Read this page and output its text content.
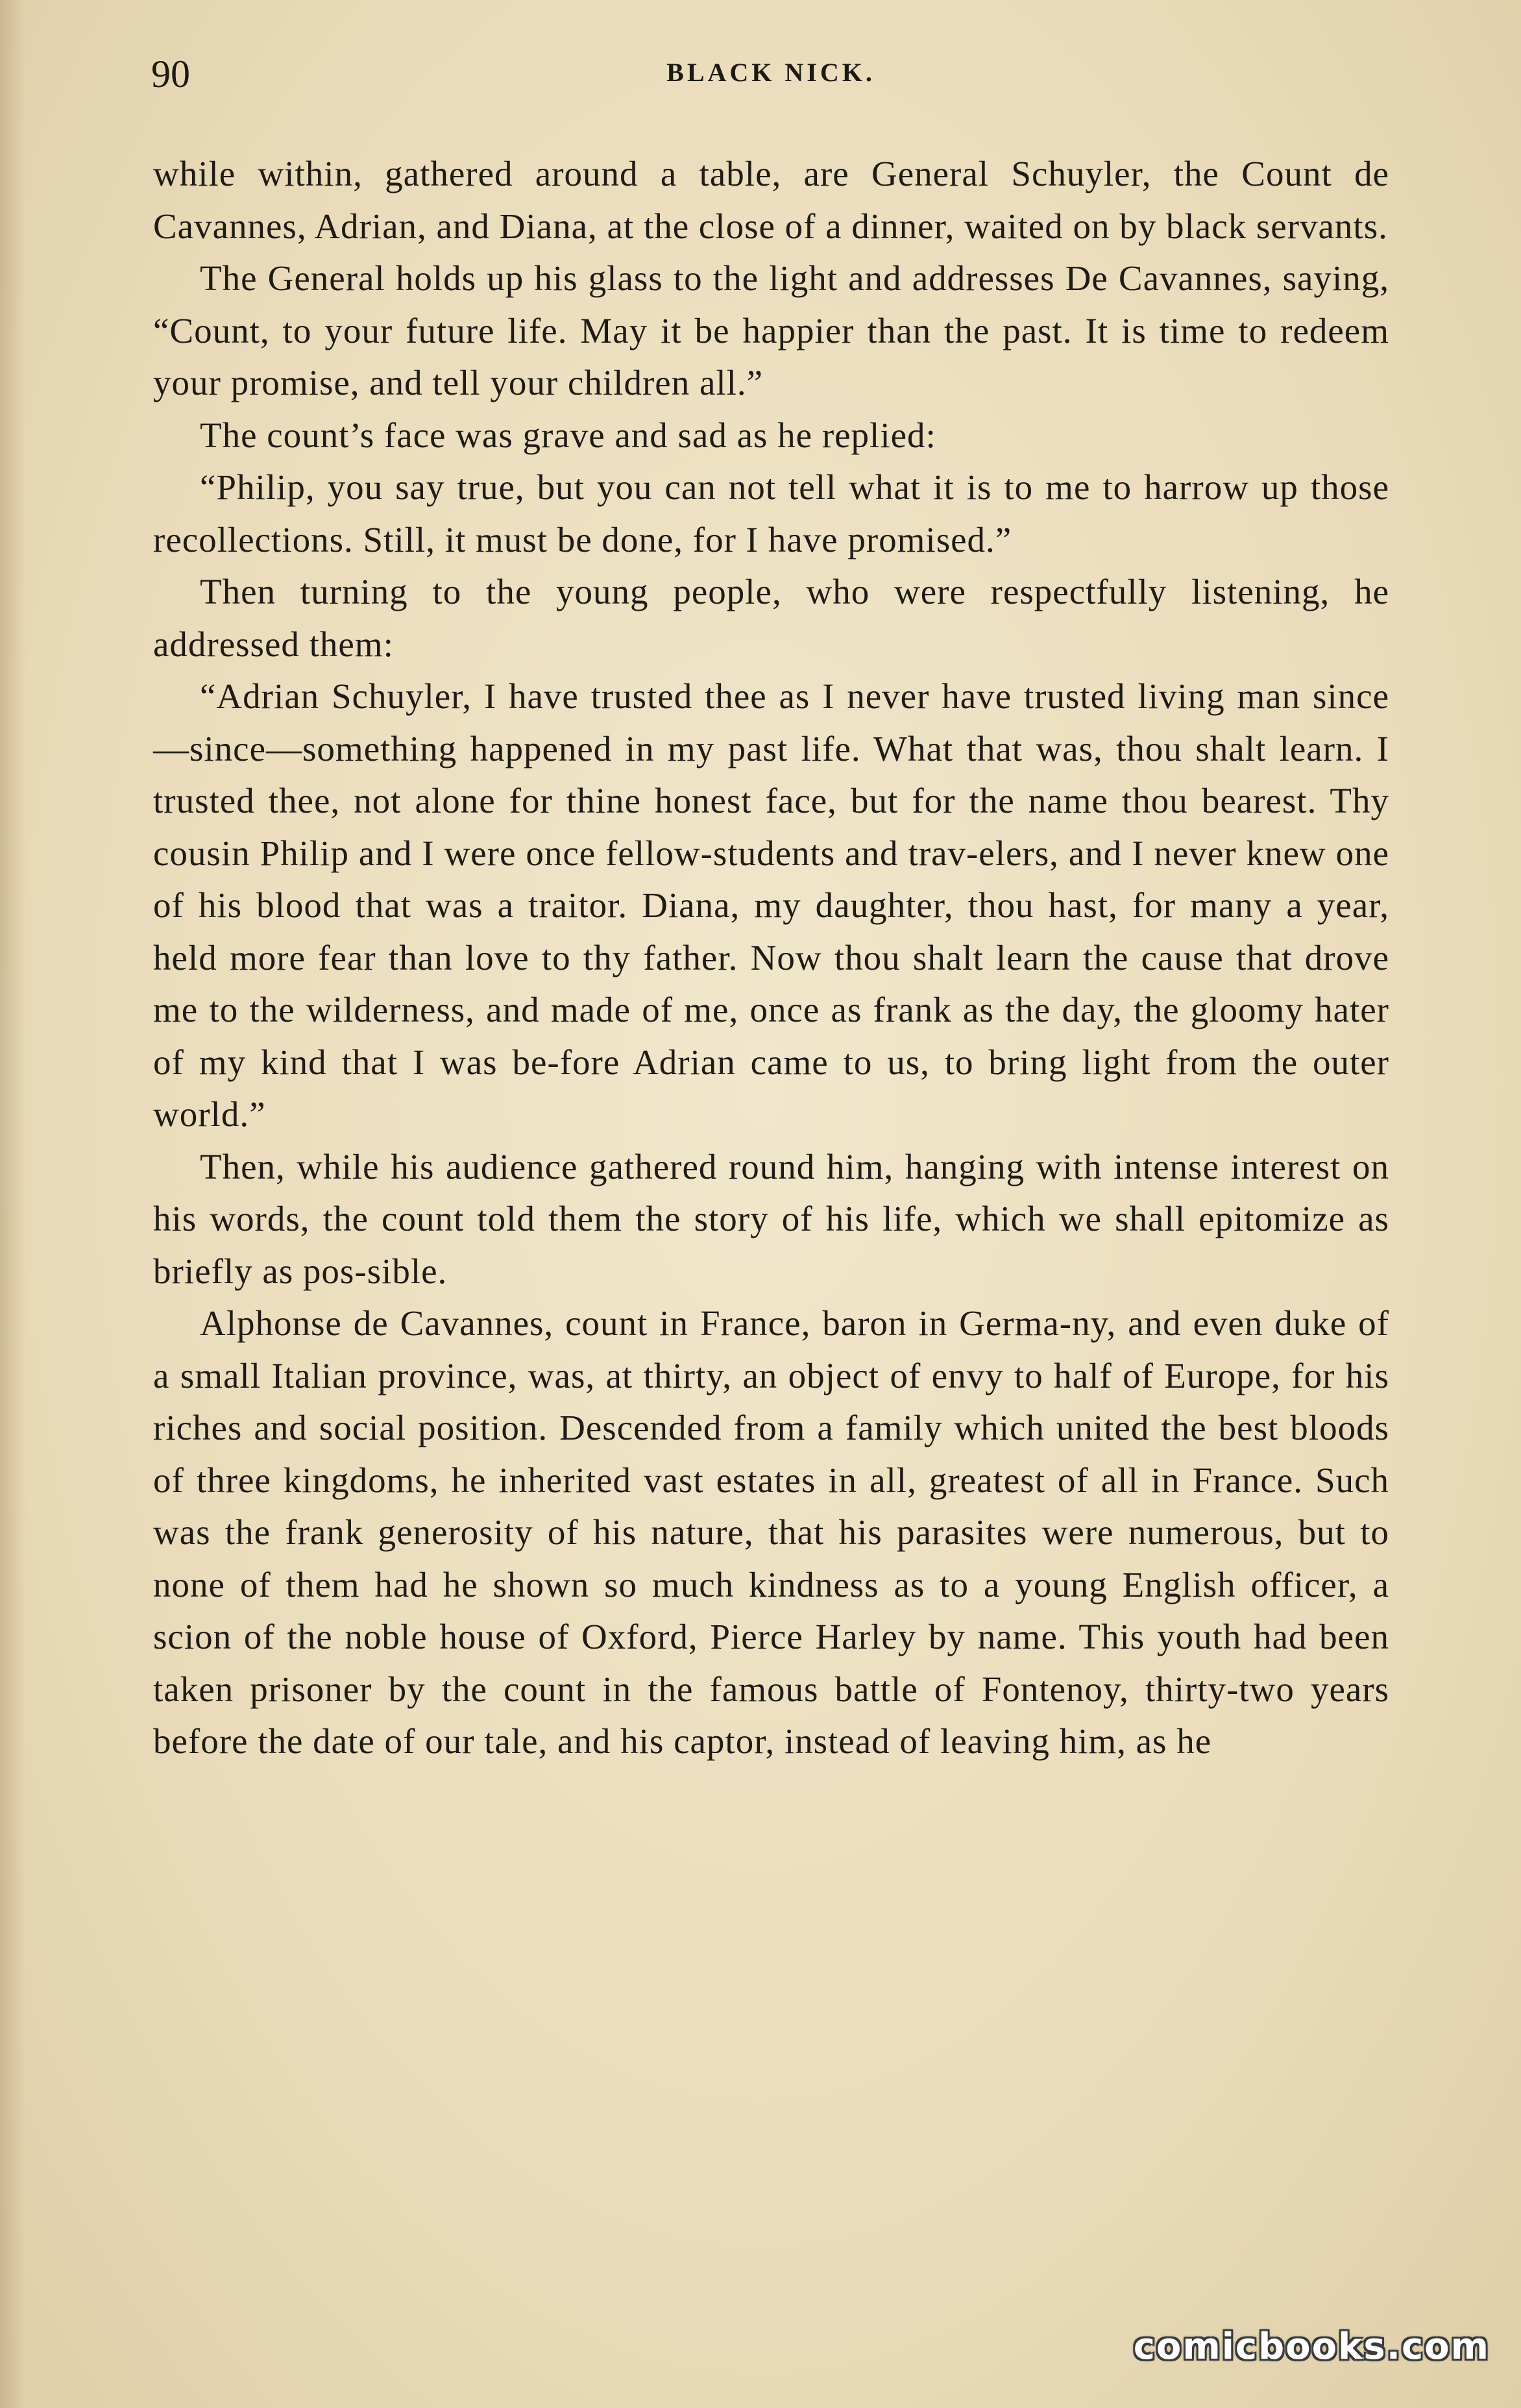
90	BLACK NICK.

while within, gathered around a table, are General Schuyler, the Count de Cavannes, Adrian, and Diana, at the close of a dinner, waited on by black servants.

The General holds up his glass to the light and addresses De Cavannes, saying, “Count, to your future life. May it be happier than the past. It is time to redeem your promise, and tell your children all.”

The count’s face was grave and sad as he replied:

“Philip, you say true, but you can not tell what it is to me to harrow up those recollections. Still, it must be done, for I have promised.”

Then turning to the young people, who were respectfully listening, he addressed them:

“Adrian Schuyler, I have trusted thee as I never have trusted living man since—since—something happened in my past life. What that was, thou shalt learn. I trusted thee, not alone for thine honest face, but for the name thou bearest. Thy cousin Philip and I were once fellow-students and trav-elers, and I never knew one of his blood that was a traitor. Diana, my daughter, thou hast, for many a year, held more fear than love to thy father. Now thou shalt learn the cause that drove me to the wilderness, and made of me, once as frank as the day, the gloomy hater of my kind that I was be-fore Adrian came to us, to bring light from the outer world.”

Then, while his audience gathered round him, hanging with intense interest on his words, the count told them the story of his life, which we shall epitomize as briefly as pos-sible.

Alphonse de Cavannes, count in France, baron in Germa-ny, and even duke of a small Italian province, was, at thirty, an object of envy to half of Europe, for his riches and social position. Descended from a family which united the best bloods of three kingdoms, he inherited vast estates in all, greatest of all in France. Such was the frank generosity of his nature, that his parasites were numerous, but to none of them had he shown so much kindness as to a young English officer, a scion of the noble house of Oxford, Pierce Harley by name. This youth had been taken prisoner by the count in the famous battle of Fontenoy, thirty-two years before the date of our tale, and his captor, instead of leaving him, as he

comicbooks.com
